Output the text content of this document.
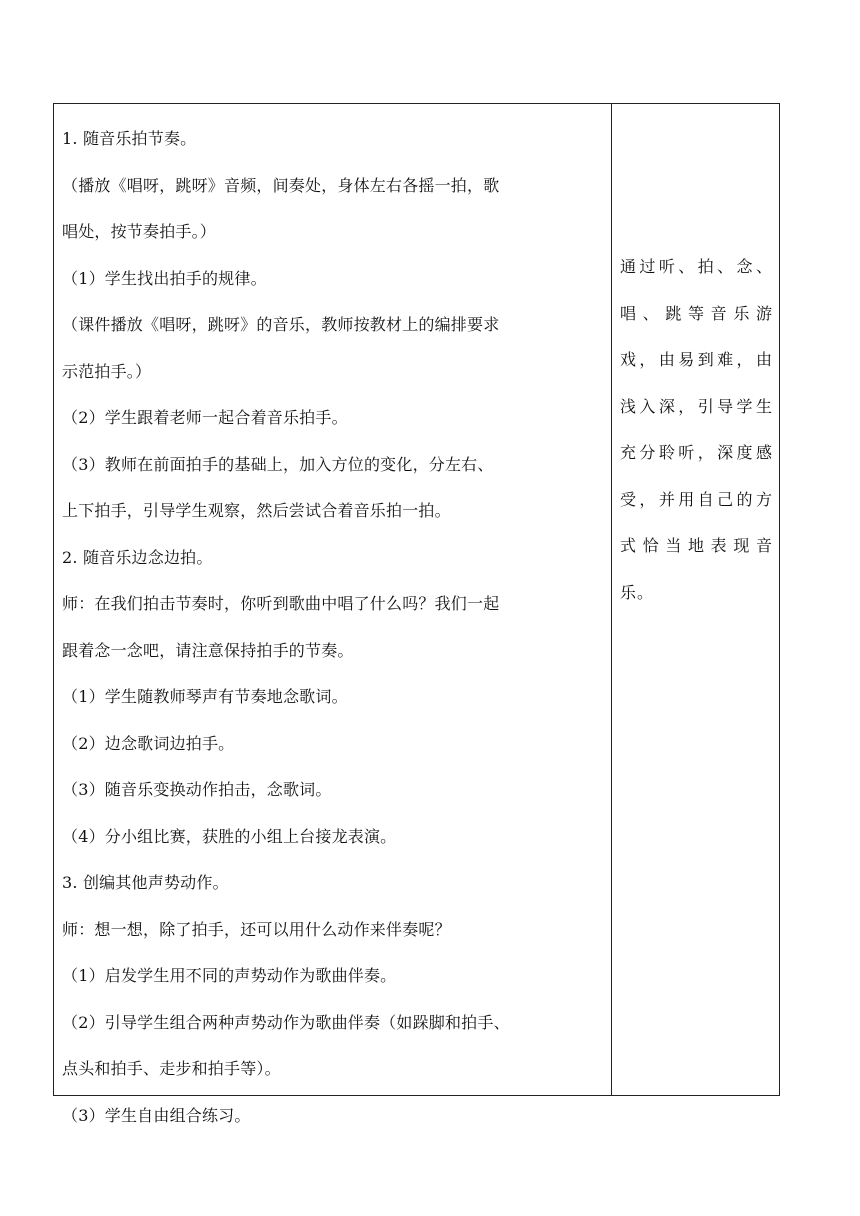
1. 随音乐拍节奏。
（播放《唱呀，跳呀》音频，间奏处，身体左右各摇一拍，歌
唱处，按节奏拍手。）
（1）学生找出拍手的规律。
（课件播放《唱呀，跳呀》的音乐，教师按教材上的编排要求
示范拍手。）
（2）学生跟着老师一起合着音乐拍手。
（3）教师在前面拍手的基础上，加入方位的变化，分左右、
上下拍手，引导学生观察，然后尝试合着音乐拍一拍。
2. 随音乐边念边拍。
师：在我们拍击节奏时，你听到歌曲中唱了什么吗？我们一起
跟着念一念吧，请注意保持拍手的节奏。
（1）学生随教师琴声有节奏地念歌词。
（2）边念歌词边拍手。
（3）随音乐变换动作拍击，念歌词。
（4）分小组比赛，获胜的小组上台接龙表演。
3. 创编其他声势动作。
师：想一想，除了拍手，还可以用什么动作来伴奏呢？
（1）启发学生用不同的声势动作为歌曲伴奏。
（2）引导学生组合两种声势动作为歌曲伴奏（如跺脚和拍手、
点头和拍手、走步和拍手等）。
（3）学生自由组合练习。
通过听、拍、念、
唱、跳等音乐游
戏，由易到难，由
浅入深，引导学生
充分聆听，深度感
受，并用自己的方
式恰当地表现音
乐。
